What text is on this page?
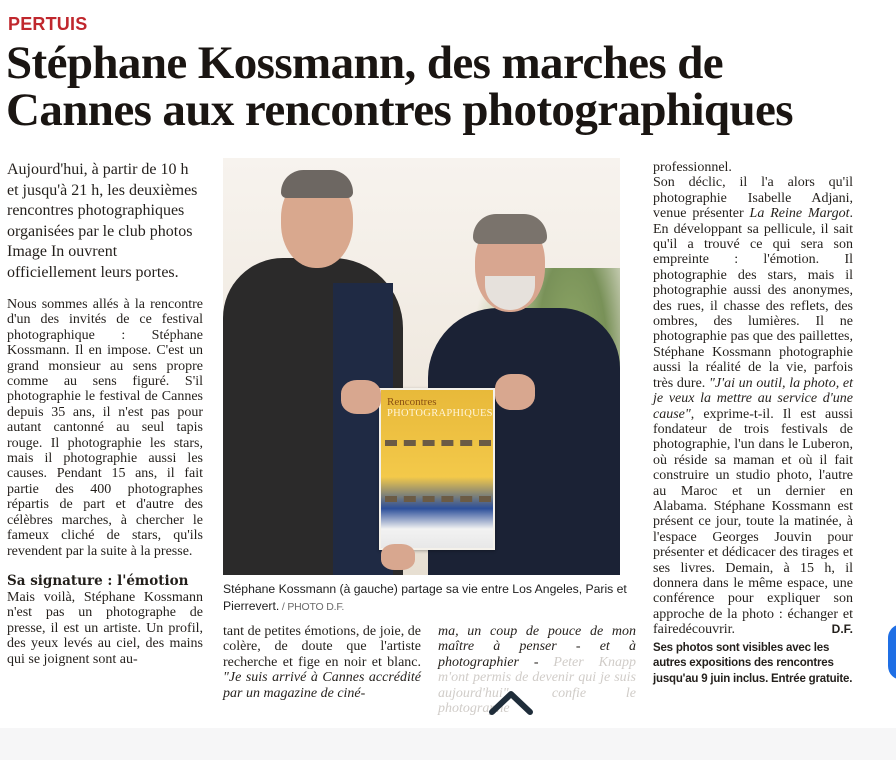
PERTUIS
Stéphane Kossmann, des marches de Cannes aux rencontres photographiques

Aujourd'hui, à partir de 10 h et jusqu'à 21 h, les deuxièmes rencontres photographiques organisées par le club photos Image In ouvrent officiellement leurs portes.

Nous sommes allés à la rencontre d'un des invités de ce festival photographique : Stéphane Kossmann. Il en impose. C'est un grand monsieur au sens propre comme au sens figuré. S'il photographie le festival de Cannes depuis 35 ans, il n'est pas pour autant cantonné au seul tapis rouge. Il photographie les stars, mais il photographie aussi les causes. Pendant 15 ans, il fait partie des 400 photographes répartis de part et d'autre des célèbres marches, à chercher le fameux cliché de stars, qu'ils revendent par la suite à la presse.

Sa signature : l'émotion

Mais voilà, Stéphane Kossmann n'est pas un photographe de presse, il est un artiste. Un profil, des yeux levés au ciel, des mains qui se joignent sont au-

Rencontres
PHOTOGRAPHIQUES
Stéphane Kossmann (à gauche) partage sa vie entre Los Angeles, Paris et Pierrevert. / PHOTO D.F.

tant de petites émotions, de joie, de colère, de doute que l'artiste recherche et fige en noir et blanc. "Je suis arrivé à Cannes accrédité par un magazine de ciné-

ma, un coup de pouce de mon maître à penser - et à photographier - Peter Knapp m'ont permis de devenir qui je suis aujourd'hui", confie le photographe

professionnel.

Son déclic, il l'a alors qu'il photographie Isabelle Adjani, venue présenter La Reine Margot. En développant sa pellicule, il sait qu'il a trouvé ce qui sera son empreinte : l'émotion. Il photographie des stars, mais il photographie aussi des anonymes, des rues, il chasse des reflets, des ombres, des lumières. Il ne photographie pas que des paillettes, Stéphane Kossmann photographie aussi la réalité de la vie, parfois très dure. "J'ai un outil, la photo, et je veux la mettre au service d'une cause", exprime-t-il. Il est aussi fondateur de trois festivals de photographie, l'un dans le Luberon, où réside sa maman et où il fait construire un studio photo, l'autre au Maroc et un dernier en Alabama. Stéphane Kossmann est présent ce jour, toute la matinée, à l'espace Georges Jouvin pour présenter et dédicacer des tirages et ses livres. Demain, à 15 h, il donnera dans le même espace, une conférence pour expliquer son approche de la photo : échanger et fairedécouvrir.	D.F.

Ses photos sont visibles avec les autres expositions des rencontres jusqu'au 9 juin inclus. Entrée gratuite.
